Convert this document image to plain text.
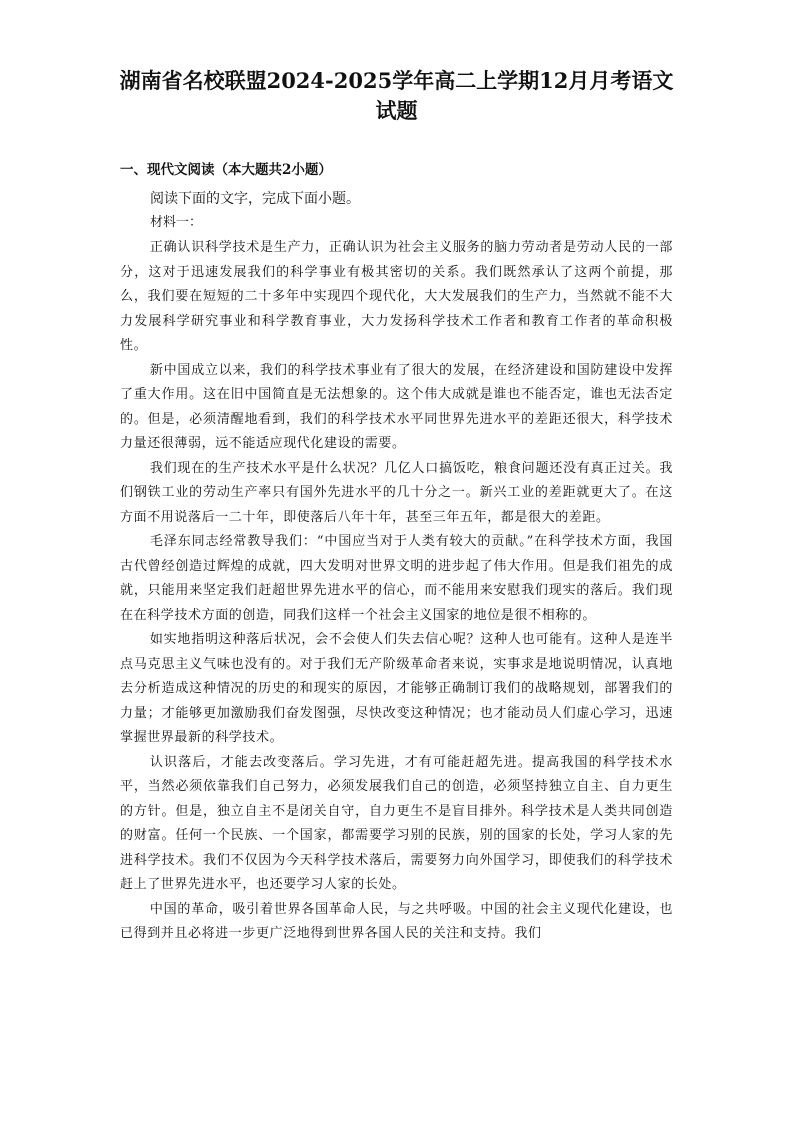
湖南省名校联盟2024-2025学年高二上学期12月月考语文
试题
一、现代文阅读（本大题共2小题）
阅读下面的文字，完成下面小题。
材料一：

正确认识科学技术是生产力，正确认识为社会主义服务的脑力劳动者是劳动人民的一部分，这对于迅速发展我们的科学事业有极其密切的关系。我们既然承认了这两个前提，那么，我们要在短短的二十多年中实现四个现代化，大大发展我们的生产力，当然就不能不大力发展科学研究事业和科学教育事业，大力发扬科学技术工作者和教育工作者的革命积极性。

新中国成立以来，我们的科学技术事业有了很大的发展，在经济建设和国防建设中发挥了重大作用。这在旧中国简直是无法想象的。这个伟大成就是谁也不能否定，谁也无法否定的。但是，必须清醒地看到，我们的科学技术水平同世界先进水平的差距还很大，科学技术力量还很薄弱，远不能适应现代化建设的需要。

我们现在的生产技术水平是什么状况？几亿人口搞饭吃，粮食问题还没有真正过关。我们钢铁工业的劳动生产率只有国外先进水平的几十分之一。新兴工业的差距就更大了。在这方面不用说落后一二十年，即使落后八年十年，甚至三年五年，都是很大的差距。

毛泽东同志经常教导我们：“中国应当对于人类有较大的贡献。”在科学技术方面，我国古代曾经创造过辉煌的成就，四大发明对世界文明的进步起了伟大作用。但是我们祖先的成就，只能用来坚定我们赶超世界先进水平的信心，而不能用来安慰我们现实的落后。我们现在在科学技术方面的创造，同我们这样一个社会主义国家的地位是很不相称的。

如实地指明这种落后状况，会不会使人们失去信心呢？这种人也可能有。这种人是连半点马克思主义气味也没有的。对于我们无产阶级革命者来说，实事求是地说明情况，认真地去分析造成这种情况的历史的和现实的原因，才能够正确制订我们的战略规划，部署我们的力量；才能够更加激励我们奋发图强，尽快改变这种情况；也才能动员人们虚心学习，迅速掌握世界最新的科学技术。

认识落后，才能去改变落后。学习先进，才有可能赶超先进。提高我国的科学技术水平，当然必须依靠我们自己努力，必须发展我们自己的创造，必须坚持独立自主、自力更生的方针。但是，独立自主不是闭关自守，自力更生不是盲目排外。科学技术是人类共同创造的财富。任何一个民族、一个国家，都需要学习别的民族，别的国家的长处，学习人家的先进科学技术。我们不仅因为今天科学技术落后，需要努力向外国学习，即使我们的科学技术赶上了世界先进水平，也还要学习人家的长处。

中国的革命，吸引着世界各国革命人民，与之共呼吸。中国的社会主义现代化建设，也已得到并且必将进一步更广泛地得到世界各国人民的关注和支持。我们
